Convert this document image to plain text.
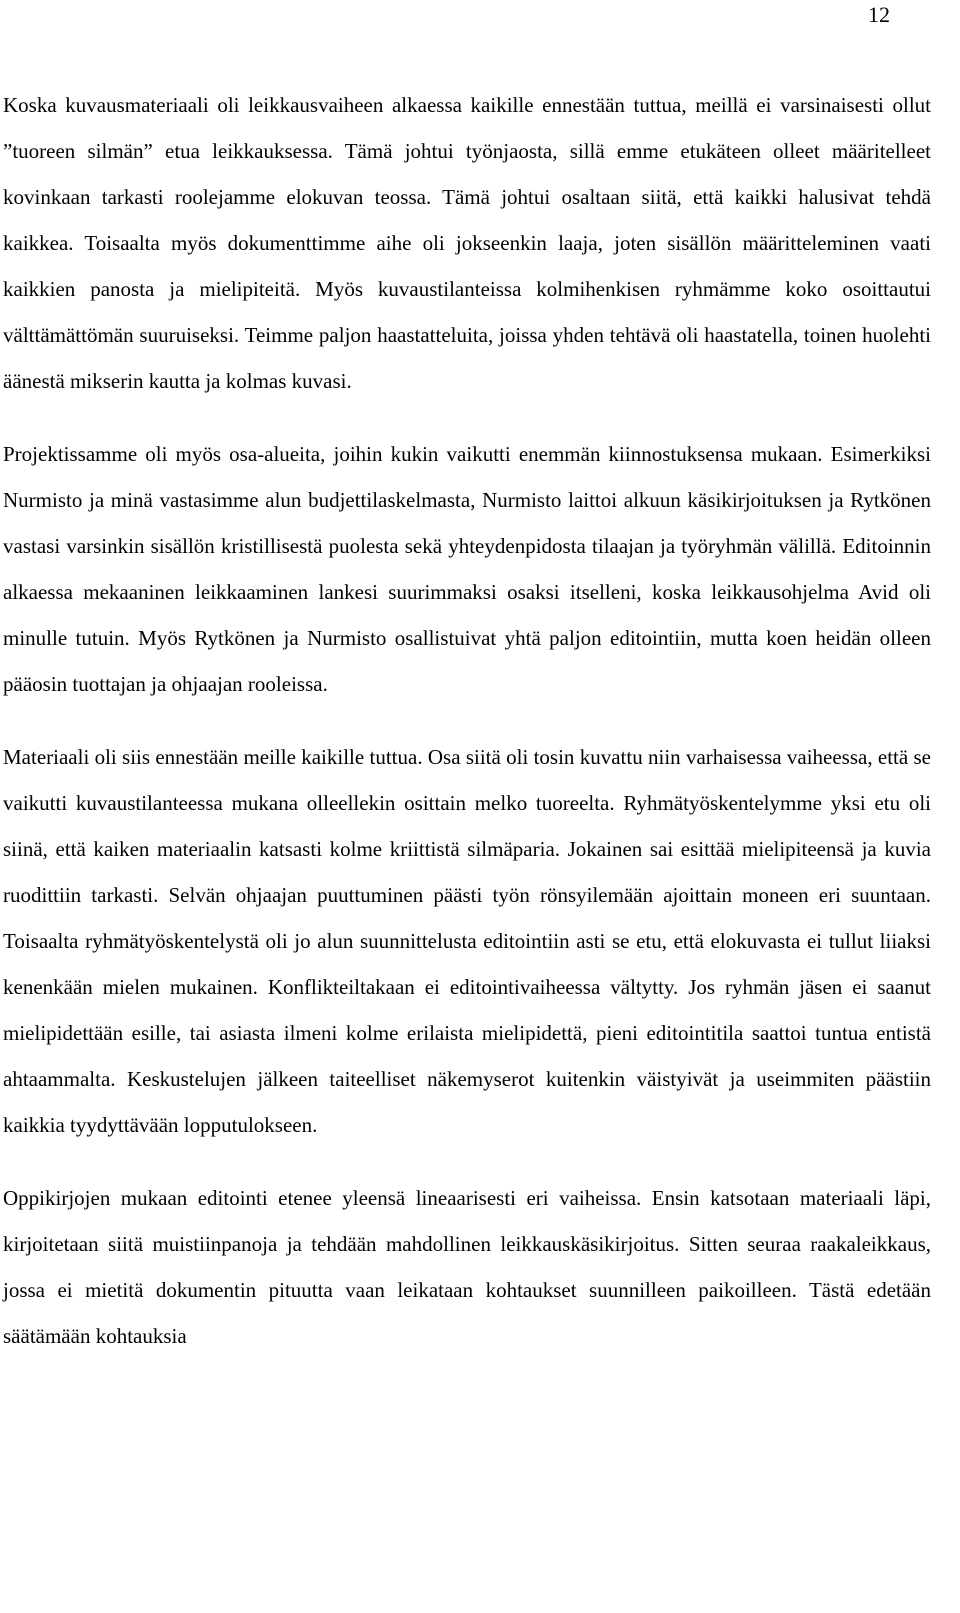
12

Koska kuvausmateriaali oli leikkausvaiheen alkaessa kaikille ennestään tuttua, meillä ei varsinaisesti ollut ”tuoreen silmän” etua leikkauksessa. Tämä johtui työnjaosta, sillä emme etukäteen olleet määritelleet kovinkaan tarkasti roolejamme elokuvan teossa. Tämä johtui osaltaan siitä, että kaikki halusivat tehdä kaikkea. Toisaalta myös dokumenttimme aihe oli jokseenkin laaja, joten sisällön määritteleminen vaati kaikkien panosta ja mielipiteitä. Myös kuvaustilanteissa kolmihenkisen ryhmämme koko osoittautui välttämättömän suuruiseksi. Teimme paljon haastatteluita, joissa yhden tehtävä oli haastatella, toinen huolehti äänestä mikserin kautta ja kolmas kuvasi.

Projektissamme oli myös osa-alueita, joihin kukin vaikutti enemmän kiinnostuksensa mukaan. Esimerkiksi Nurmisto ja minä vastasimme alun budjettilaskelmasta, Nurmisto laittoi alkuun käsikirjoituksen ja Rytkönen vastasi varsinkin sisällön kristillisestä puolesta sekä yhteydenpidosta tilaajan ja työryhmän välillä. Editoinnin alkaessa mekaaninen leikkaaminen lankesi suurimmaksi osaksi itselleni, koska leikkausohjelma Avid oli minulle tutuin. Myös Rytkönen ja Nurmisto osallistuivat yhtä paljon editointiin, mutta koen heidän olleen pääosin tuottajan ja ohjaajan rooleissa.

Materiaali oli siis ennestään meille kaikille tuttua. Osa siitä oli tosin kuvattu niin varhaisessa vaiheessa, että se vaikutti kuvaustilanteessa mukana olleellekin osittain melko tuoreelta. Ryhmätyöskentelymme yksi etu oli siinä, että kaiken materiaalin katsasti kolme kriittistä silmäparia. Jokainen sai esittää mielipiteensä ja kuvia ruodittiin tarkasti. Selvän ohjaajan puuttuminen päästi työn rönsyilemään ajoittain moneen eri suuntaan. Toisaalta ryhmätyöskentelystä oli jo alun suunnittelusta editointiin asti se etu, että elokuvasta ei tullut liiaksi kenenkään mielen mukainen. Konflikteiltakaan ei editointivaiheessa vältytty. Jos ryhmän jäsen ei saanut mielipidettään esille, tai asiasta ilmeni kolme erilaista mielipidettä, pieni editointitila saattoi tuntua entistä ahtaammalta. Keskustelujen jälkeen taiteelliset näkemyserot kuitenkin väistyivät ja useimmiten päästiin kaikkia tyydyttävään lopputulokseen.

Oppikirjojen mukaan editointi etenee yleensä lineaarisesti eri vaiheissa. Ensin katsotaan materiaali läpi, kirjoitetaan siitä muistiinpanoja ja tehdään mahdollinen leikkauskäsikirjoitus. Sitten seuraa raakaleikkaus, jossa ei mietitä dokumentin pituutta vaan leikataan kohtaukset suunnilleen paikoilleen. Tästä edetään säätämään kohtauksia
